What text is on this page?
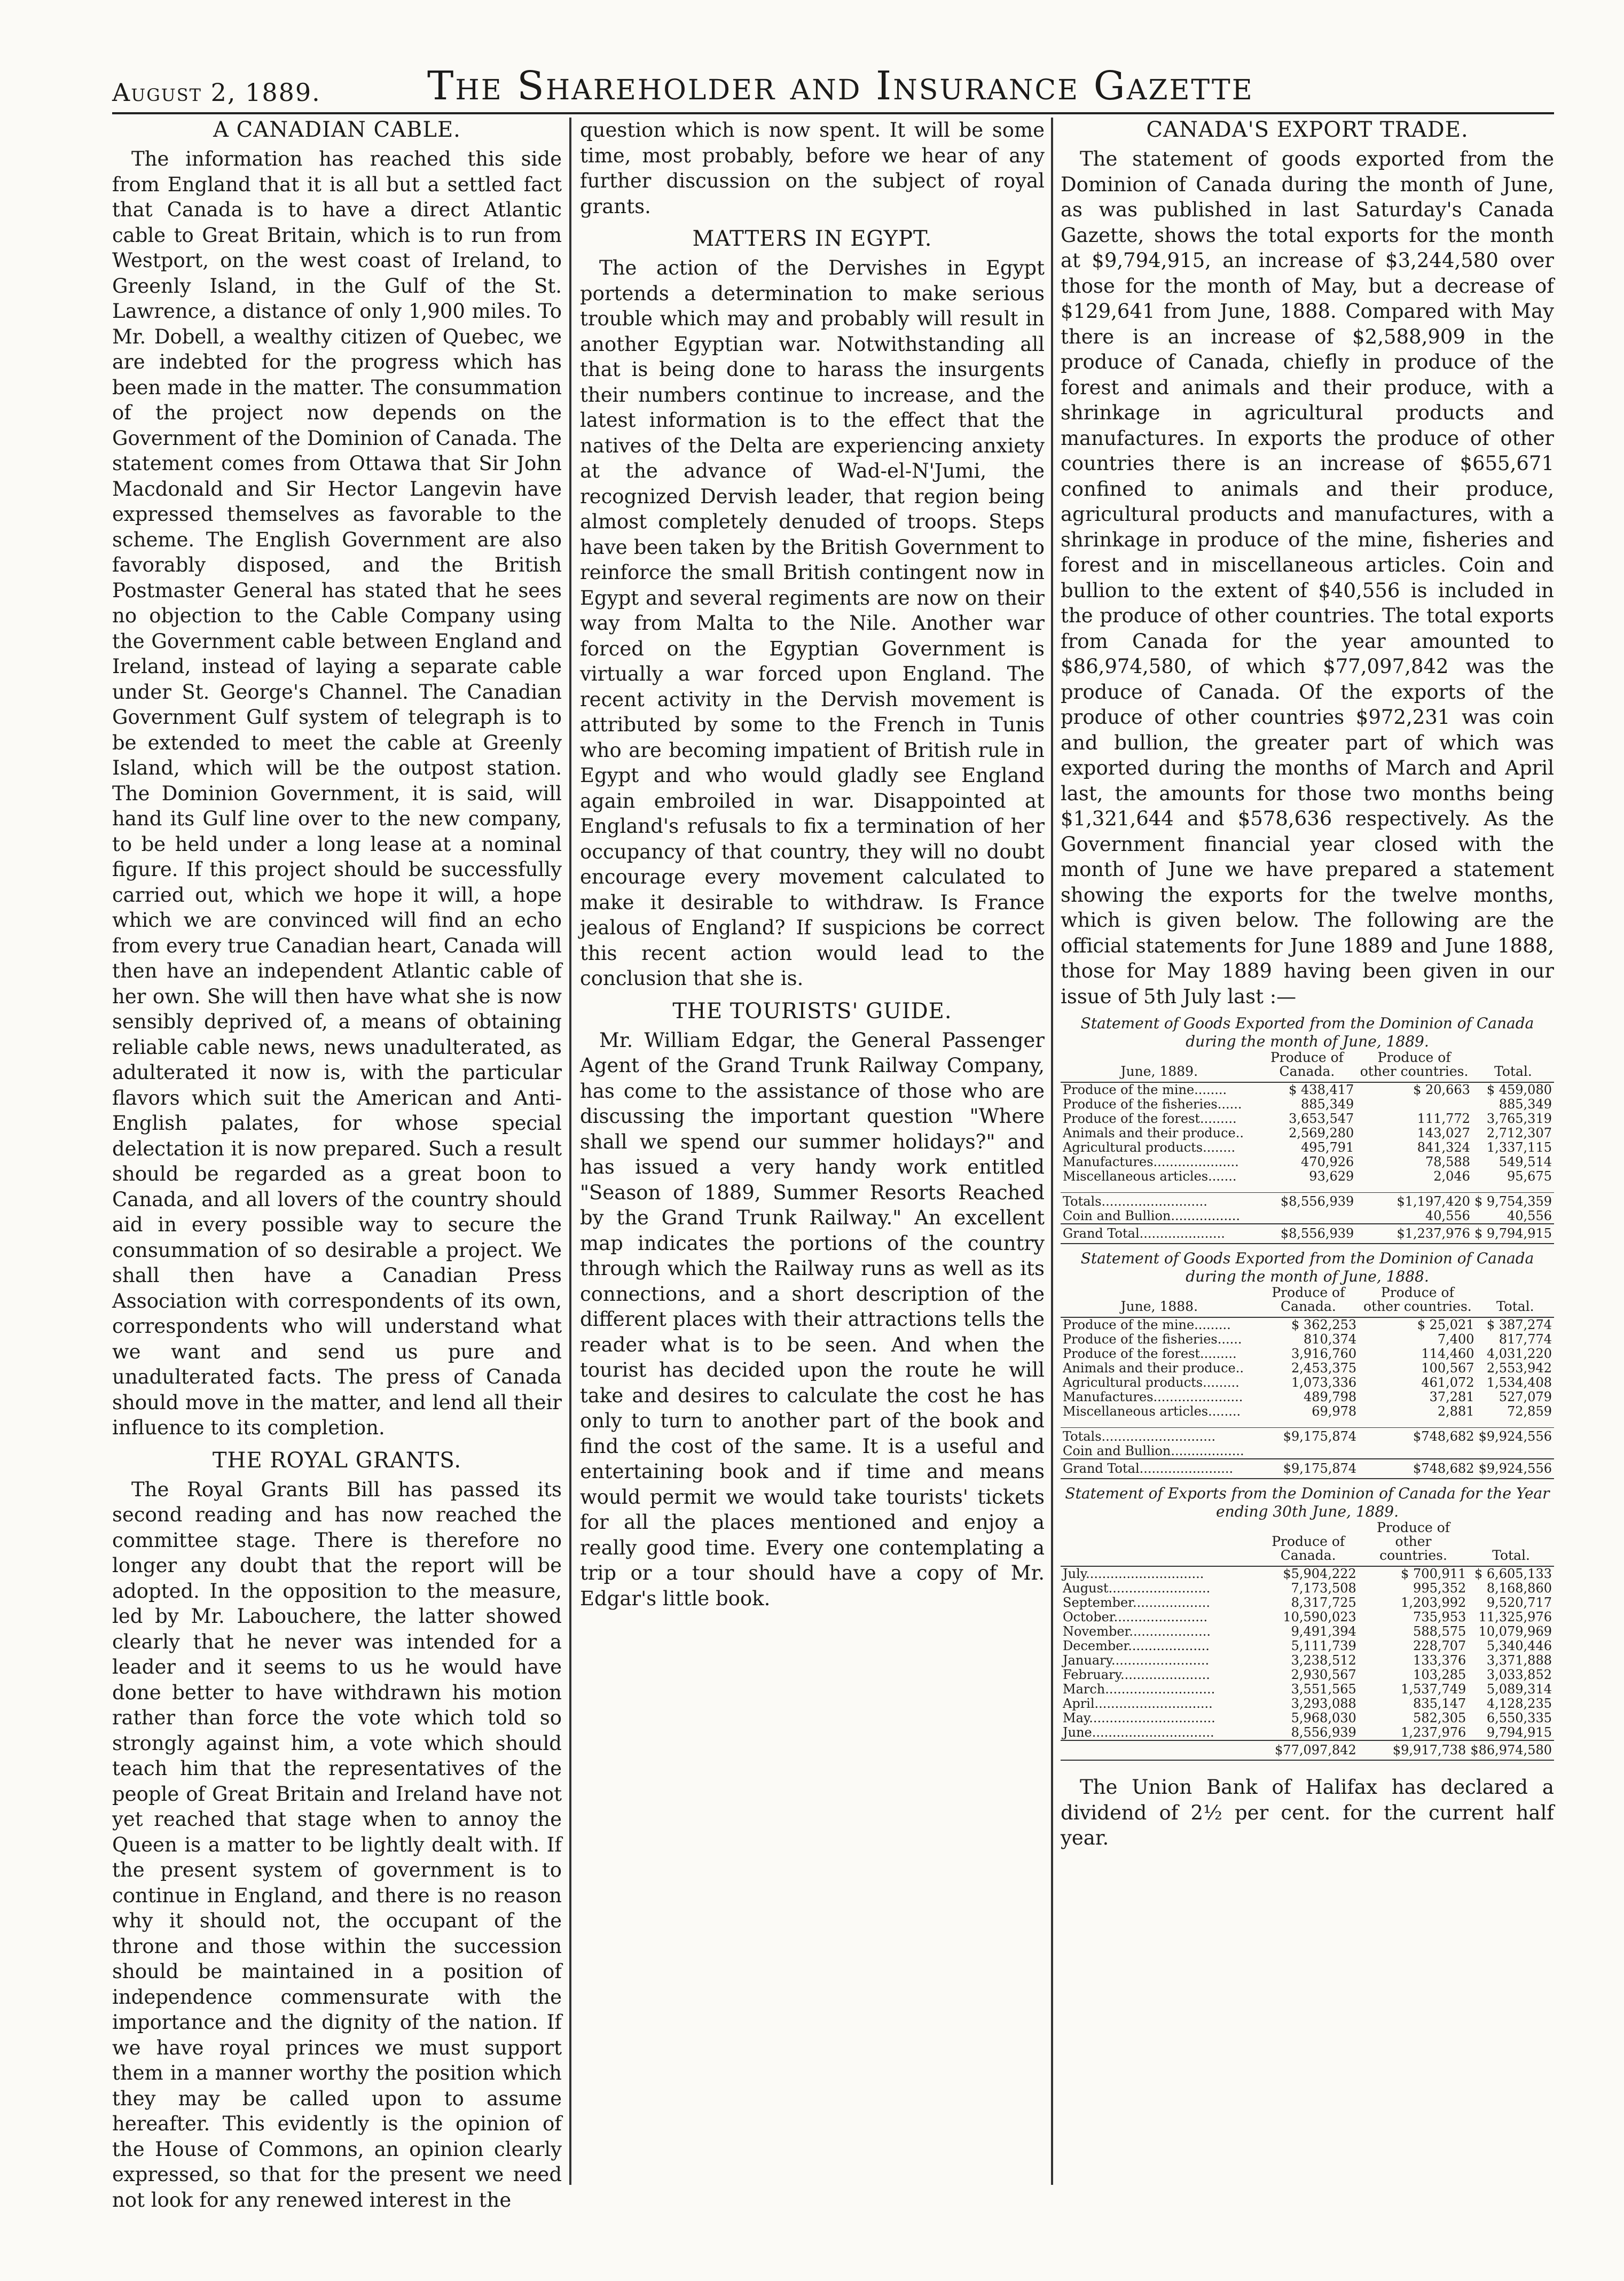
August 2, 1889.	The Shareholder and Insurance Gazette
A CANADIAN CABLE.

The information has reached this side from England that it is all but a settled fact that Canada is to have a direct Atlantic cable to Great Britain, which is to run from Westport, on the west coast of Ireland, to Greenly Island, in the Gulf of the St. Lawrence, a distance of only 1,900 miles. To Mr. Dobell, a wealthy citizen of Quebec, we are indebted for the progress which has been made in the matter. The consummation of the project now depends on the Government of the Dominion of Canada. The statement comes from Ottawa that Sir John Macdonald and Sir Hector Langevin have expressed themselves as favorable to the scheme. The English Government are also favorably disposed, and the British Postmaster General has stated that he sees no objection to the Cable Company using the Government cable between England and Ireland, instead of laying a separate cable under St. George's Channel. The Canadian Government Gulf system of telegraph is to be extended to meet the cable at Greenly Island, which will be the outpost station. The Dominion Government, it is said, will hand its Gulf line over to the new company, to be held under a long lease at a nominal figure. If this project should be successfully carried out, which we hope it will, a hope which we are convinced will find an echo from every true Canadian heart, Canada will then have an independent Atlantic cable of her own. She will then have what she is now sensibly deprived of, a means of obtaining reliable cable news, news unadulterated, as adulterated it now is, with the particular flavors which suit the American and Anti-English palates, for whose special delectation it is now prepared. Such a result should be regarded as a great boon to Canada, and all lovers of the country should aid in every possible way to secure the consummation of so desirable a project. We shall then have a Canadian Press Association with correspondents of its own, correspondents who will understand what we want and send us pure and unadulterated facts. The press of Canada should move in the matter, and lend all their influence to its completion.

THE ROYAL GRANTS.

The Royal Grants Bill has passed its second reading and has now reached the committee stage. There is therefore no longer any doubt that the report will be adopted. In the opposition to the measure, led by Mr. Labouchere, the latter showed clearly that he never was intended for a leader and it seems to us he would have done better to have withdrawn his motion rather than force the vote which told so strongly against him, a vote which should teach him that the representatives of the people of Great Britain and Ireland have not yet reached that stage when to annoy the Queen is a matter to be lightly dealt with. If the present system of government is to continue in England, and there is no reason why it should not, the occupant of the throne and those within the succession should be maintained in a position of independence commensurate with the importance and the dignity of the nation. If we have royal princes we must support them in a manner worthy the position which they may be called upon to assume hereafter. This evidently is the opinion of the House of Commons, an opinion clearly expressed, so that for the present we need not look for any renewed interest in the

question which is now spent. It will be some time, most probably, before we hear of any further discussion on the subject of royal grants.

MATTERS IN EGYPT.

The action of the Dervishes in Egypt portends a determination to make serious trouble which may and probably will result in another Egyptian war. Notwithstanding all that is being done to harass the insurgents their numbers continue to increase, and the latest information is to the effect that the natives of the Delta are experiencing anxiety at the advance of Wad-el-N'Jumi, the recognized Dervish leader, that region being almost completely denuded of troops. Steps have been taken by the British Government to reinforce the small British contingent now in Egypt and several regiments are now on their way from Malta to the Nile. Another war forced on the Egyptian Government is virtually a war forced upon England. The recent activity in the Dervish movement is attributed by some to the French in Tunis who are becoming impatient of British rule in Egypt and who would gladly see England again embroiled in war. Disappointed at England's refusals to fix a termination of her occupancy of that country, they will no doubt encourage every movement calculated to make it desirable to withdraw. Is France jealous of England? If suspicions be correct this recent action would lead to the conclusion that she is.

THE TOURISTS' GUIDE.

Mr. William Edgar, the General Passenger Agent of the Grand Trunk Railway Company, has come to the assistance of those who are discussing the important question "Where shall we spend our summer holidays?" and has issued a very handy work entitled "Season of 1889, Summer Resorts Reached by the Grand Trunk Railway." An excellent map indicates the portions of the country through which the Railway runs as well as its connections, and a short description of the different places with their attractions tells the reader what is to be seen. And when the tourist has decided upon the route he will take and desires to calculate the cost he has only to turn to another part of the book and find the cost of the same. It is a useful and entertaining book and if time and means would permit we would take tourists' tickets for all the places mentioned and enjoy a really good time. Every one contemplating a trip or a tour should have a copy of Mr. Edgar's little book.

CANADA'S EXPORT TRADE.

The statement of goods exported from the Dominion of Canada during the month of June, as was published in last Saturday's Canada Gazette, shows the total exports for the month at $9,794,915, an increase of $3,244,580 over those for the month of May, but a decrease of $129,641 from June, 1888. Compared with May there is an increase of $2,588,909 in the produce of Canada, chiefly in produce of the forest and animals and their produce, with a shrinkage in agricultural products and manufactures. In exports the produce of other countries there is an increase of $655,671 confined to animals and their produce, agricultural products and manufactures, with a shrinkage in produce of the mine, fisheries and forest and in miscellaneous articles. Coin and bullion to the extent of $40,556 is included in the produce of other countries. The total exports from Canada for the year amounted to $86,974,580, of which $77,097,842 was the produce of Canada. Of the exports of the produce of other countries $972,231 was coin and bullion, the greater part of which was exported during the months of March and April last, the amounts for those two months being $1,321,644 and $578,636 respectively. As the Government financial year closed with the month of June we have prepared a statement showing the exports for the twelve months, which is given below. The following are the official statements for June 1889 and June 1888, those for May 1889 having been given in our issue of 5th July last :—

Statement of Goods Exported from the Dominion of Canada during the month of June, 1889.
June, 1889.	Produce of Canada.	Produce of other countries.	Total.
Produce of the mine........	$ 438,417	$ 20,663	$ 459,080
Produce of the fisheries......	885,349		885,349
Produce of the forest.........	3,653,547	111,772	3,765,319
Animals and their produce..	2,569,280	143,027	2,712,307
Agricultural products........	495,791	841,324	1,337,115
Manufactures.....................	470,926	78,588	549,514
Miscellaneous articles.......	93,629	2,046	95,675

Totals..........................	$8,556,939	$1,197,420	$ 9,754,359
Coin and Bullion.................		40,556	40,556
Grand Total.....................	$8,556,939	$1,237,976	$ 9,794,915
Statement of Goods Exported from the Dominion of Canada during the month of June, 1888.
June, 1888.	Produce of Canada.	Produce of other countries.	Total.
Produce of the mine.........	$ 362,253	$ 25,021	$ 387,274
Produce of the fisheries......	810,374	7,400	817,774
Produce of the forest.........	3,916,760	114,460	4,031,220
Animals and their produce..	2,453,375	100,567	2,553,942
Agricultural products.........	1,073,336	461,072	1,534,408
Manufactures......................	489,798	37,281	527,079
Miscellaneous articles........	69,978	2,881	72,859

Totals............................	$9,175,874	$748,682	$9,924,556
Coin and Bullion..................			
Grand Total.......................	$9,175,874	$748,682	$9,924,556
Statement of Exports from the Dominion of Canada for the Year ending 30th June, 1889.
	Produce of Canada.	Produce of other countries.	Total.
July.............................	$5,904,222	$ 700,911	$ 6,605,133
August.........................	7,173,508	995,352	8,168,860
September...................	8,317,725	1,203,992	9,520,717
October.......................	10,590,023	735,953	11,325,976
November....................	9,491,394	588,575	10,079,969
December....................	5,111,739	228,707	5,340,446
January........................	3,238,512	133,376	3,371,888
February......................	2,930,567	103,285	3,033,852
March...........................	3,551,565	1,537,749	5,089,314
April.............................	3,293,088	835,147	4,128,235
May...............................	5,968,030	582,305	6,550,335
June..............................	8,556,939	1,237,976	9,794,915
	$77,097,842	$9,917,738	$86,974,580

The Union Bank of Halifax has declared a dividend of 2½ per cent. for the current half year.
